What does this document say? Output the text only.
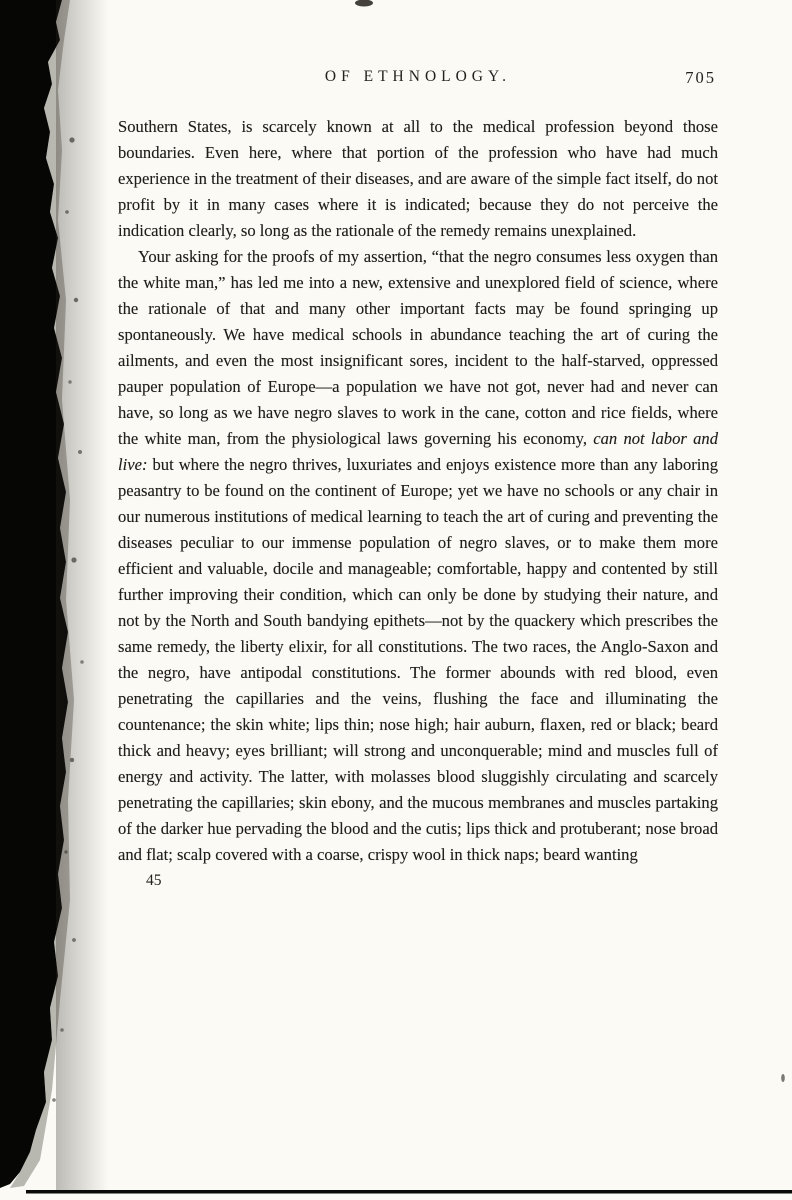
OF ETHNOLOGY.	705

Southern States, is scarcely known at all to the medical profession beyond those boundaries. Even here, where that portion of the profession who have had much experience in the treatment of their diseases, and are aware of the simple fact itself, do not profit by it in many cases where it is indicated; because they do not perceive the indication clearly, so long as the rationale of the remedy remains unexplained.

Your asking for the proofs of my assertion, “that the negro consumes less oxygen than the white man,” has led me into a new, extensive and unexplored field of science, where the rationale of that and many other important facts may be found springing up spontaneously. We have medical schools in abundance teaching the art of curing the ailments, and even the most insignificant sores, incident to the half-starved, oppressed pauper population of Europe—a population we have not got, never had and never can have, so long as we have negro slaves to work in the cane, cotton and rice fields, where the white man, from the physiological laws governing his economy, can not labor and live: but where the negro thrives, luxuriates and enjoys existence more than any laboring peasantry to be found on the continent of Europe; yet we have no schools or any chair in our numerous institutions of medical learning to teach the art of curing and preventing the diseases peculiar to our immense population of negro slaves, or to make them more efficient and valuable, docile and manageable; comfortable, happy and contented by still further improving their condition, which can only be done by studying their nature, and not by the North and South bandying epithets—not by the quackery which prescribes the same remedy, the liberty elixir, for all constitutions. The two races, the Anglo-Saxon and the negro, have antipodal constitutions. The former abounds with red blood, even penetrating the capillaries and the veins, flushing the face and illuminating the countenance; the skin white; lips thin; nose high; hair auburn, flaxen, red or black; beard thick and heavy; eyes brilliant; will strong and unconquerable; mind and muscles full of energy and activity. The latter, with molasses blood sluggishly circulating and scarcely penetrating the capillaries; skin ebony, and the mucous membranes and muscles partaking of the darker hue pervading the blood and the cutis; lips thick and protuberant; nose broad and flat; scalp covered with a coarse, crispy wool in thick naps; beard wanting

45
